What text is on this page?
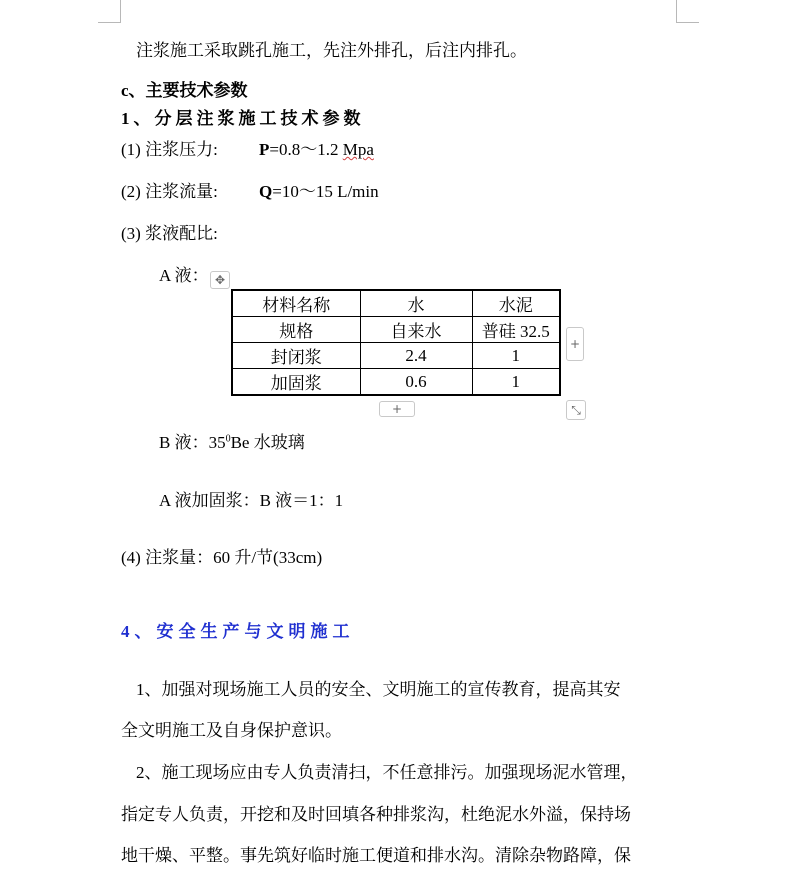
注浆施工采取跳孔施工，先注外排孔，后注内排孔。
c、主要技术参数
1、分层注浆施工技术参数
(1) 注浆压力: P=0.8～1.2 Mpa
(2) 注浆流量: Q=10～15 L/min
(3) 浆液配比:
A 液： ✥
材料名称	水	水泥
规格	自来水	普硅 32.5
封闭浆	2.4	1
加固浆	0.6	1
+
+	⤡
B 液：$35^0Be$ 水玻璃
A 液加固浆：B 液＝1：1
(4) 注浆量：60 升/节(33cm)
4、安全生产与文明施工
1、加强对现场施工人员的安全、文明施工的宣传教育，提高其安
全文明施工及自身保护意识。
2、施工现场应由专人负责清扫，不任意排污。加强现场泥水管理，
指定专人负责，开挖和及时回填各种排浆沟，杜绝泥水外溢，保持场
地干燥、平整。事先筑好临时施工便道和排水沟。清除杂物路障，保
